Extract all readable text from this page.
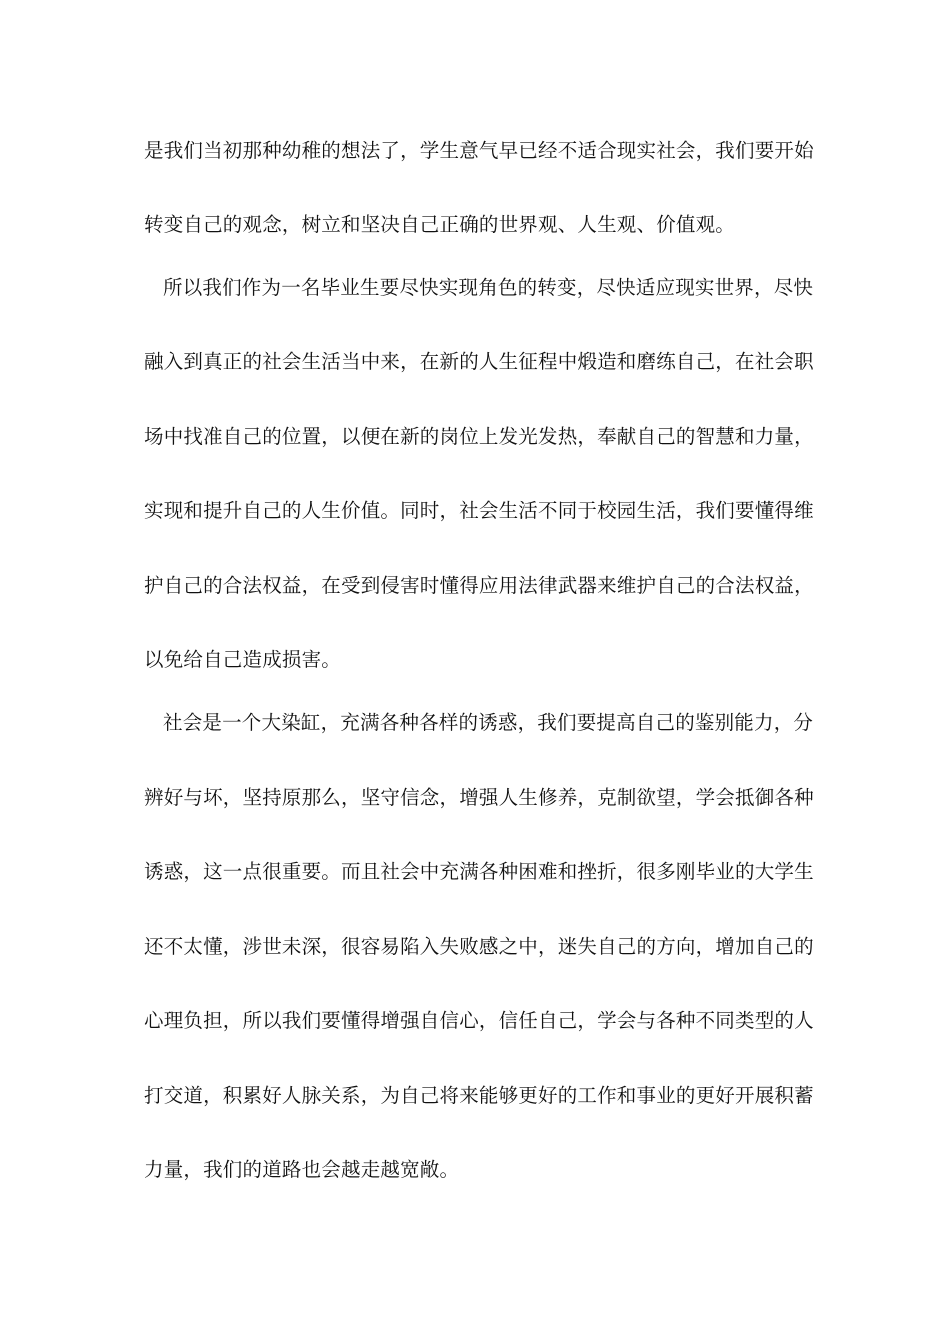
是我们当初那种幼稚的想法了，学生意气早已经不适合现实社会，我们要开始
转变自己的观念，树立和坚决自己正确的世界观、人生观、价值观。
所以我们作为一名毕业生要尽快实现角色的转变，尽快适应现实世界，尽快
融入到真正的社会生活当中来，在新的人生征程中煅造和磨练自己，在社会职
场中找准自己的位置，以便在新的岗位上发光发热，奉献自己的智慧和力量，
实现和提升自己的人生价值。同时，社会生活不同于校园生活，我们要懂得维
护自己的合法权益，在受到侵害时懂得应用法律武器来维护自己的合法权益，
以免给自己造成损害。
社会是一个大染缸，充满各种各样的诱惑，我们要提高自己的鉴别能力，分
辨好与坏，坚持原那么，坚守信念，增强人生修养，克制欲望，学会抵御各种
诱惑，这一点很重要。而且社会中充满各种困难和挫折，很多刚毕业的大学生
还不太懂，涉世未深，很容易陷入失败感之中，迷失自己的方向，增加自己的
心理负担，所以我们要懂得增强自信心，信任自己，学会与各种不同类型的人
打交道，积累好人脉关系，为自己将来能够更好的工作和事业的更好开展积蓄
力量，我们的道路也会越走越宽敞。
